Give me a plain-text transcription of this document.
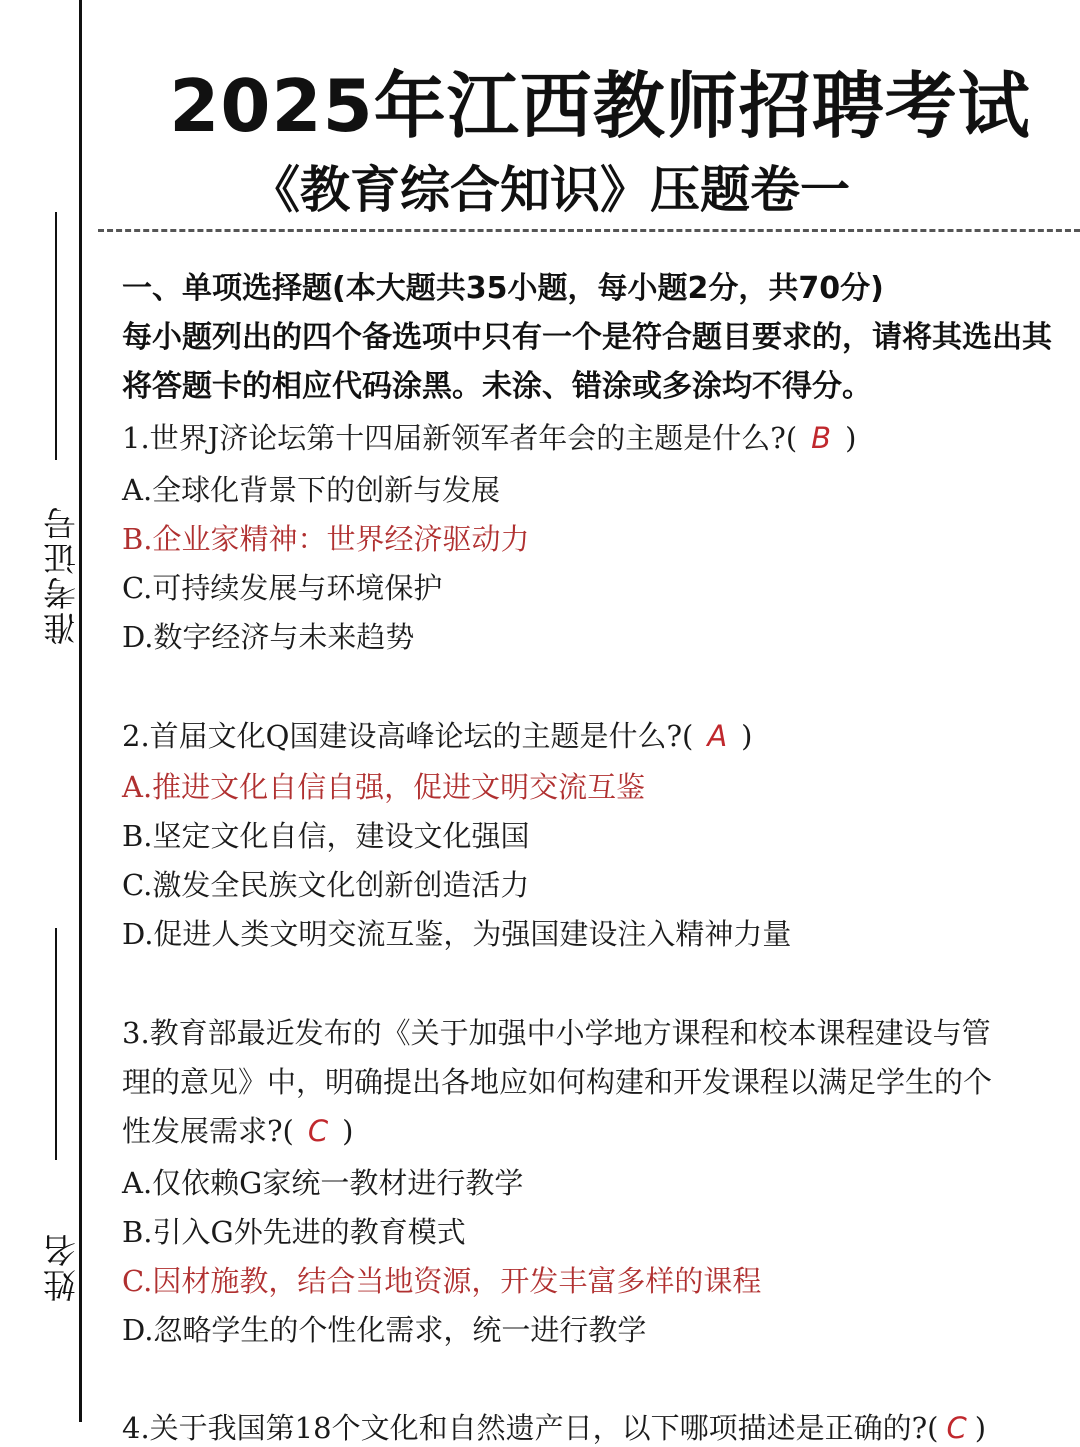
准考证号
姓名
2025年江西教师招聘考试
《教育综合知识》压题卷一
一、单项选择题(本大题共35小题，每小题2分，共70分)
每小题列出的四个备选项中只有一个是符合题目要求的，请将其选出其将答题卡的相应代码涂黑。未涂、错涂或多涂均不得分。
1.世界J济论坛第十四届新领军者年会的主题是什么?( B )
A.全球化背景下的创新与发展
B.企业家精神：世界经济驱动力
C.可持续发展与环境保护
D.数字经济与未来趋势
2.首届文化Q国建设高峰论坛的主题是什么?( A )
A.推进文化自信自强，促进文明交流互鉴
B.坚定文化自信，建设文化强国
C.激发全民族文化创新创造活力
D.促进人类文明交流互鉴，为强国建设注入精神力量
3.教育部最近发布的《关于加强中小学地方课程和校本课程建设与管
理的意见》中，明确提出各地应如何构建和开发课程以满足学生的个
性发展需求?( C )
A.仅依赖G家统一教材进行教学
B.引入G外先进的教育模式
C.因材施教，结合当地资源，开发丰富多样的课程
D.忽略学生的个性化需求，统一进行教学
4.关于我国第18个文化和自然遗产日，以下哪项描述是正确的?( C )
